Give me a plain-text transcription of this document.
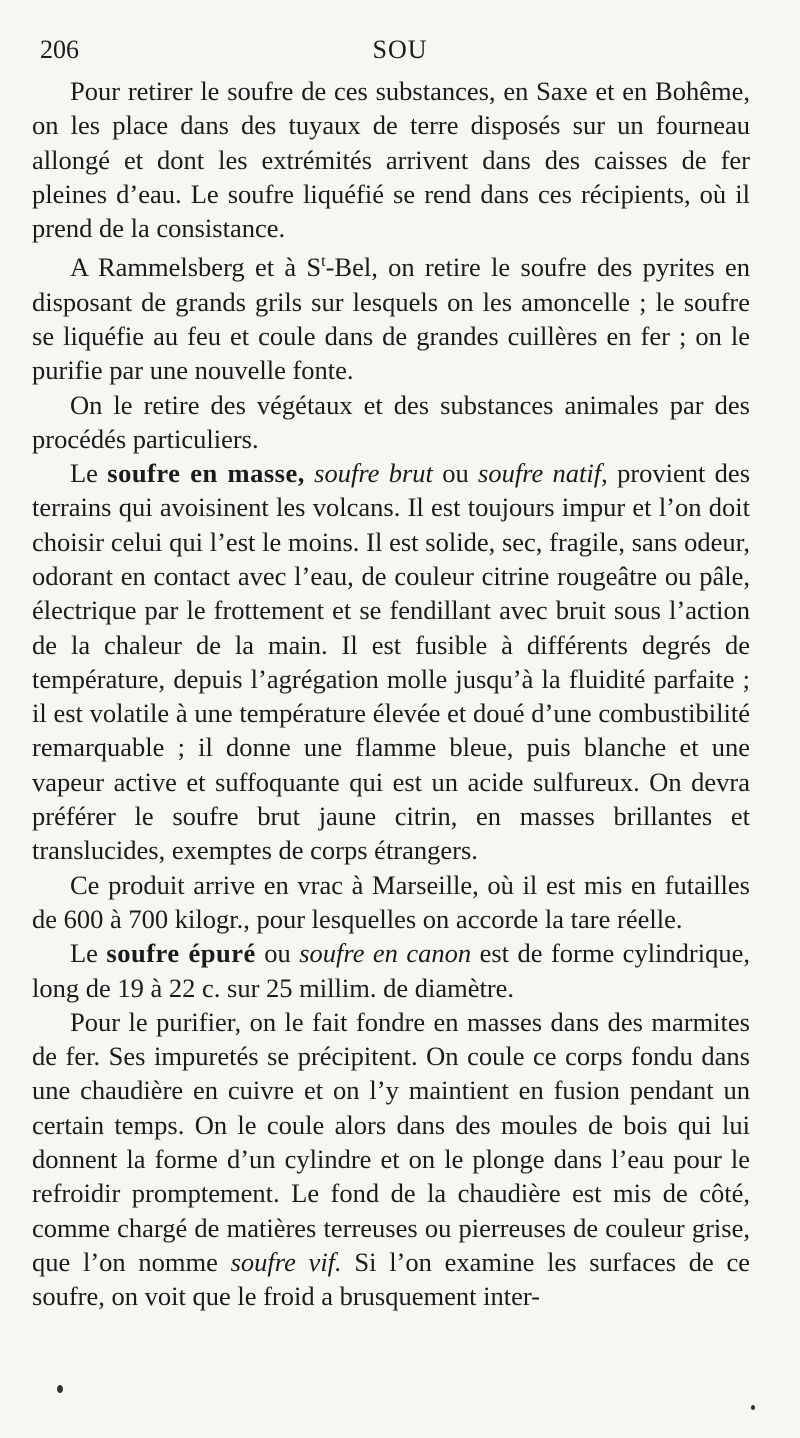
206	SOU

Pour retirer le soufre de ces substances, en Saxe et en Bohême, on les place dans des tuyaux de terre disposés sur un fourneau allongé et dont les extrémités arrivent dans des caisses de fer pleines d’eau. Le soufre liquéfié se rend dans ces récipients, où il prend de la consistance.

A Rammelsberg et à $S^t$-Bel, on retire le soufre des pyrites en disposant de grands grils sur lesquels on les amoncelle ; le soufre se liquéfie au feu et coule dans de grandes cuillères en fer ; on le purifie par une nouvelle fonte.

On le retire des végétaux et des substances animales par des procédés particuliers.

Le soufre en masse, soufre brut ou soufre natif, provient des terrains qui avoisinent les volcans. Il est toujours impur et l’on doit choisir celui qui l’est le moins. Il est solide, sec, fragile, sans odeur, odorant en contact avec l’eau, de couleur citrine rougeâtre ou pâle, électrique par le frottement et se fendillant avec bruit sous l’action de la chaleur de la main. Il est fusible à différents degrés de température, depuis l’agrégation molle jusqu’à la fluidité parfaite ; il est volatile à une température élevée et doué d’une combustibilité remarquable ; il donne une flamme bleue, puis blanche et une vapeur active et suffoquante qui est un acide sulfureux. On devra préférer le soufre brut jaune citrin, en masses brillantes et translucides, exemptes de corps étrangers.

Ce produit arrive en vrac à Marseille, où il est mis en futailles de 600 à 700 kilogr., pour lesquelles on accorde la tare réelle.

Le soufre épuré ou soufre en canon est de forme cylindrique, long de 19 à 22 c. sur 25 millim. de diamètre.

Pour le purifier, on le fait fondre en masses dans des marmites de fer. Ses impuretés se précipitent. On coule ce corps fondu dans une chaudière en cuivre et on l’y maintient en fusion pendant un certain temps. On le coule alors dans des moules de bois qui lui donnent la forme d’un cylindre et on le plonge dans l’eau pour le refroidir promptement. Le fond de la chaudière est mis de côté, comme chargé de matières terreuses ou pierreuses de couleur grise, que l’on nomme soufre vif. Si l’on examine les surfaces de ce soufre, on voit que le froid a brusquement inter-
